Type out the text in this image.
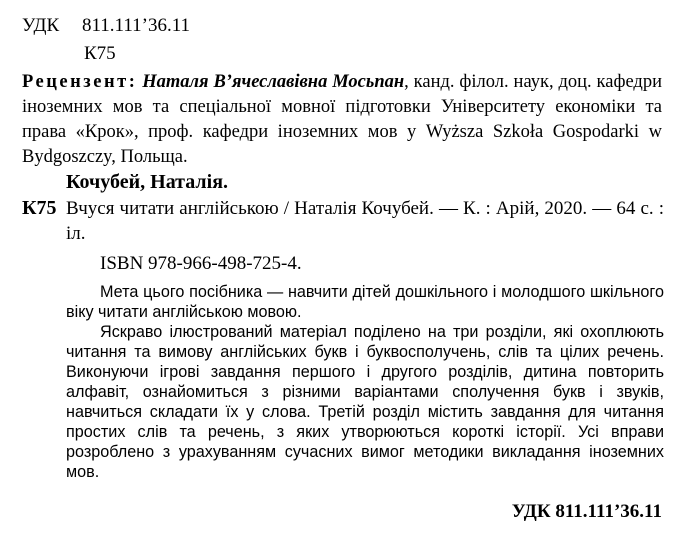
УДК 811.111’36.11
К75
Рецензент: Наталя В’ячеславівна Мосьпан, канд. філол. наук, доц. кафедри іноземних мов та спеціальної мовної підготовки Університету економіки та права «Крок», проф. кафедри іноземних мов у Wyższa Szkoła Gospodarki w Bydgoszczy, Польща.
Кочубей, Наталія.
К75 Вчуся читати англійською / Наталія Кочубей. — К. : Арій, 2020. — 64 с. : іл.
ISBN 978-966-498-725-4.

Мета цього посібника — навчити дітей дошкільного і молодшого шкільного віку читати англійською мовою.

Яскраво ілюстрований матеріал поділено на три розділи, які охоплюють читання та вимову англійських букв і буквосполучень, слів та цілих речень. Виконуючи ігрові завдання першого і другого розділів, дитина повторить алфавіт, ознайомиться з різними варіантами сполучення букв і звуків, навчиться складати їх у слова. Третій розділ містить завдання для читання простих слів та речень, з яких утворюються короткі історії. Усі вправи розроблено з урахуванням сучасних вимог методики викладання іноземних мов.

УДК 811.111’36.11
